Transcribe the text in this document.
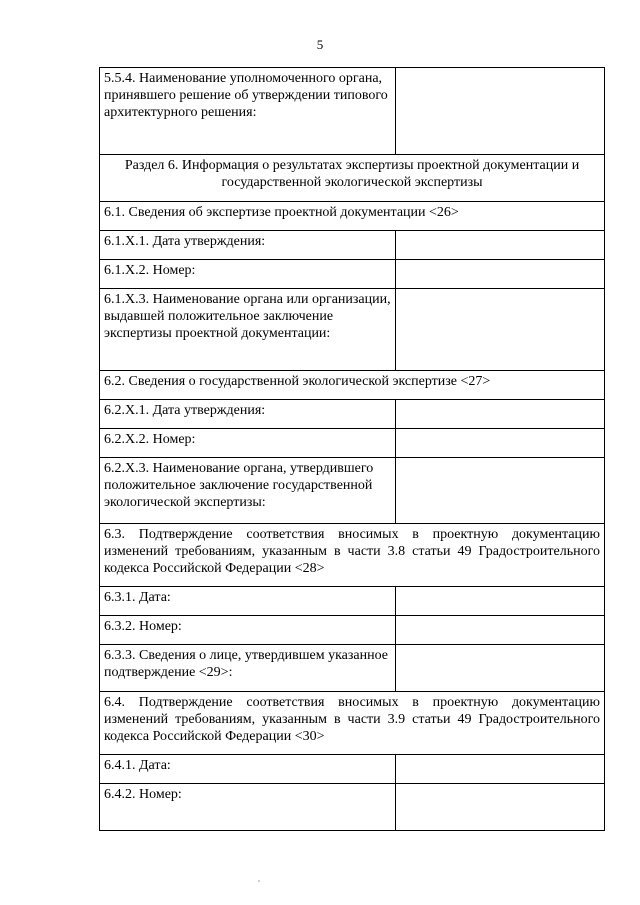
5
5.5.4. Наименование уполномоченного органа, принявшего решение об утверждении типового архитектурного решения:	
Раздел 6. Информация о результатах экспертизы проектной документации и государственной экологической экспертизы	
6.1. Сведения об экспертизе проектной документации <26>	
6.1.X.1. Дата утверждения:	
6.1.X.2. Номер:	
6.1.X.3. Наименование органа или организации, выдавшей положительное заключение экспертизы проектной документации:	
6.2. Сведения о государственной экологической экспертизе <27>	
6.2.X.1. Дата утверждения:	
6.2.X.2. Номер:	
6.2.X.3. Наименование органа, утвердившего положительное заключение государственной экологической экспертизы:	
6.3. Подтверждение соответствия вносимых в проектную документацию изменений требованиям, указанным в части 3.8 статьи 49 Градостроительного кодекса Российской Федерации <28>	
6.3.1. Дата:	
6.3.2. Номер:	
6.3.3. Сведения о лице, утвердившем указанное подтверждение <29>:	
6.4. Подтверждение соответствия вносимых в проектную документацию изменений требованиям, указанным в части 3.9 статьи 49 Градостроительного кодекса Российской Федерации <30>	
6.4.1. Дата:	
6.4.2. Номер:	
